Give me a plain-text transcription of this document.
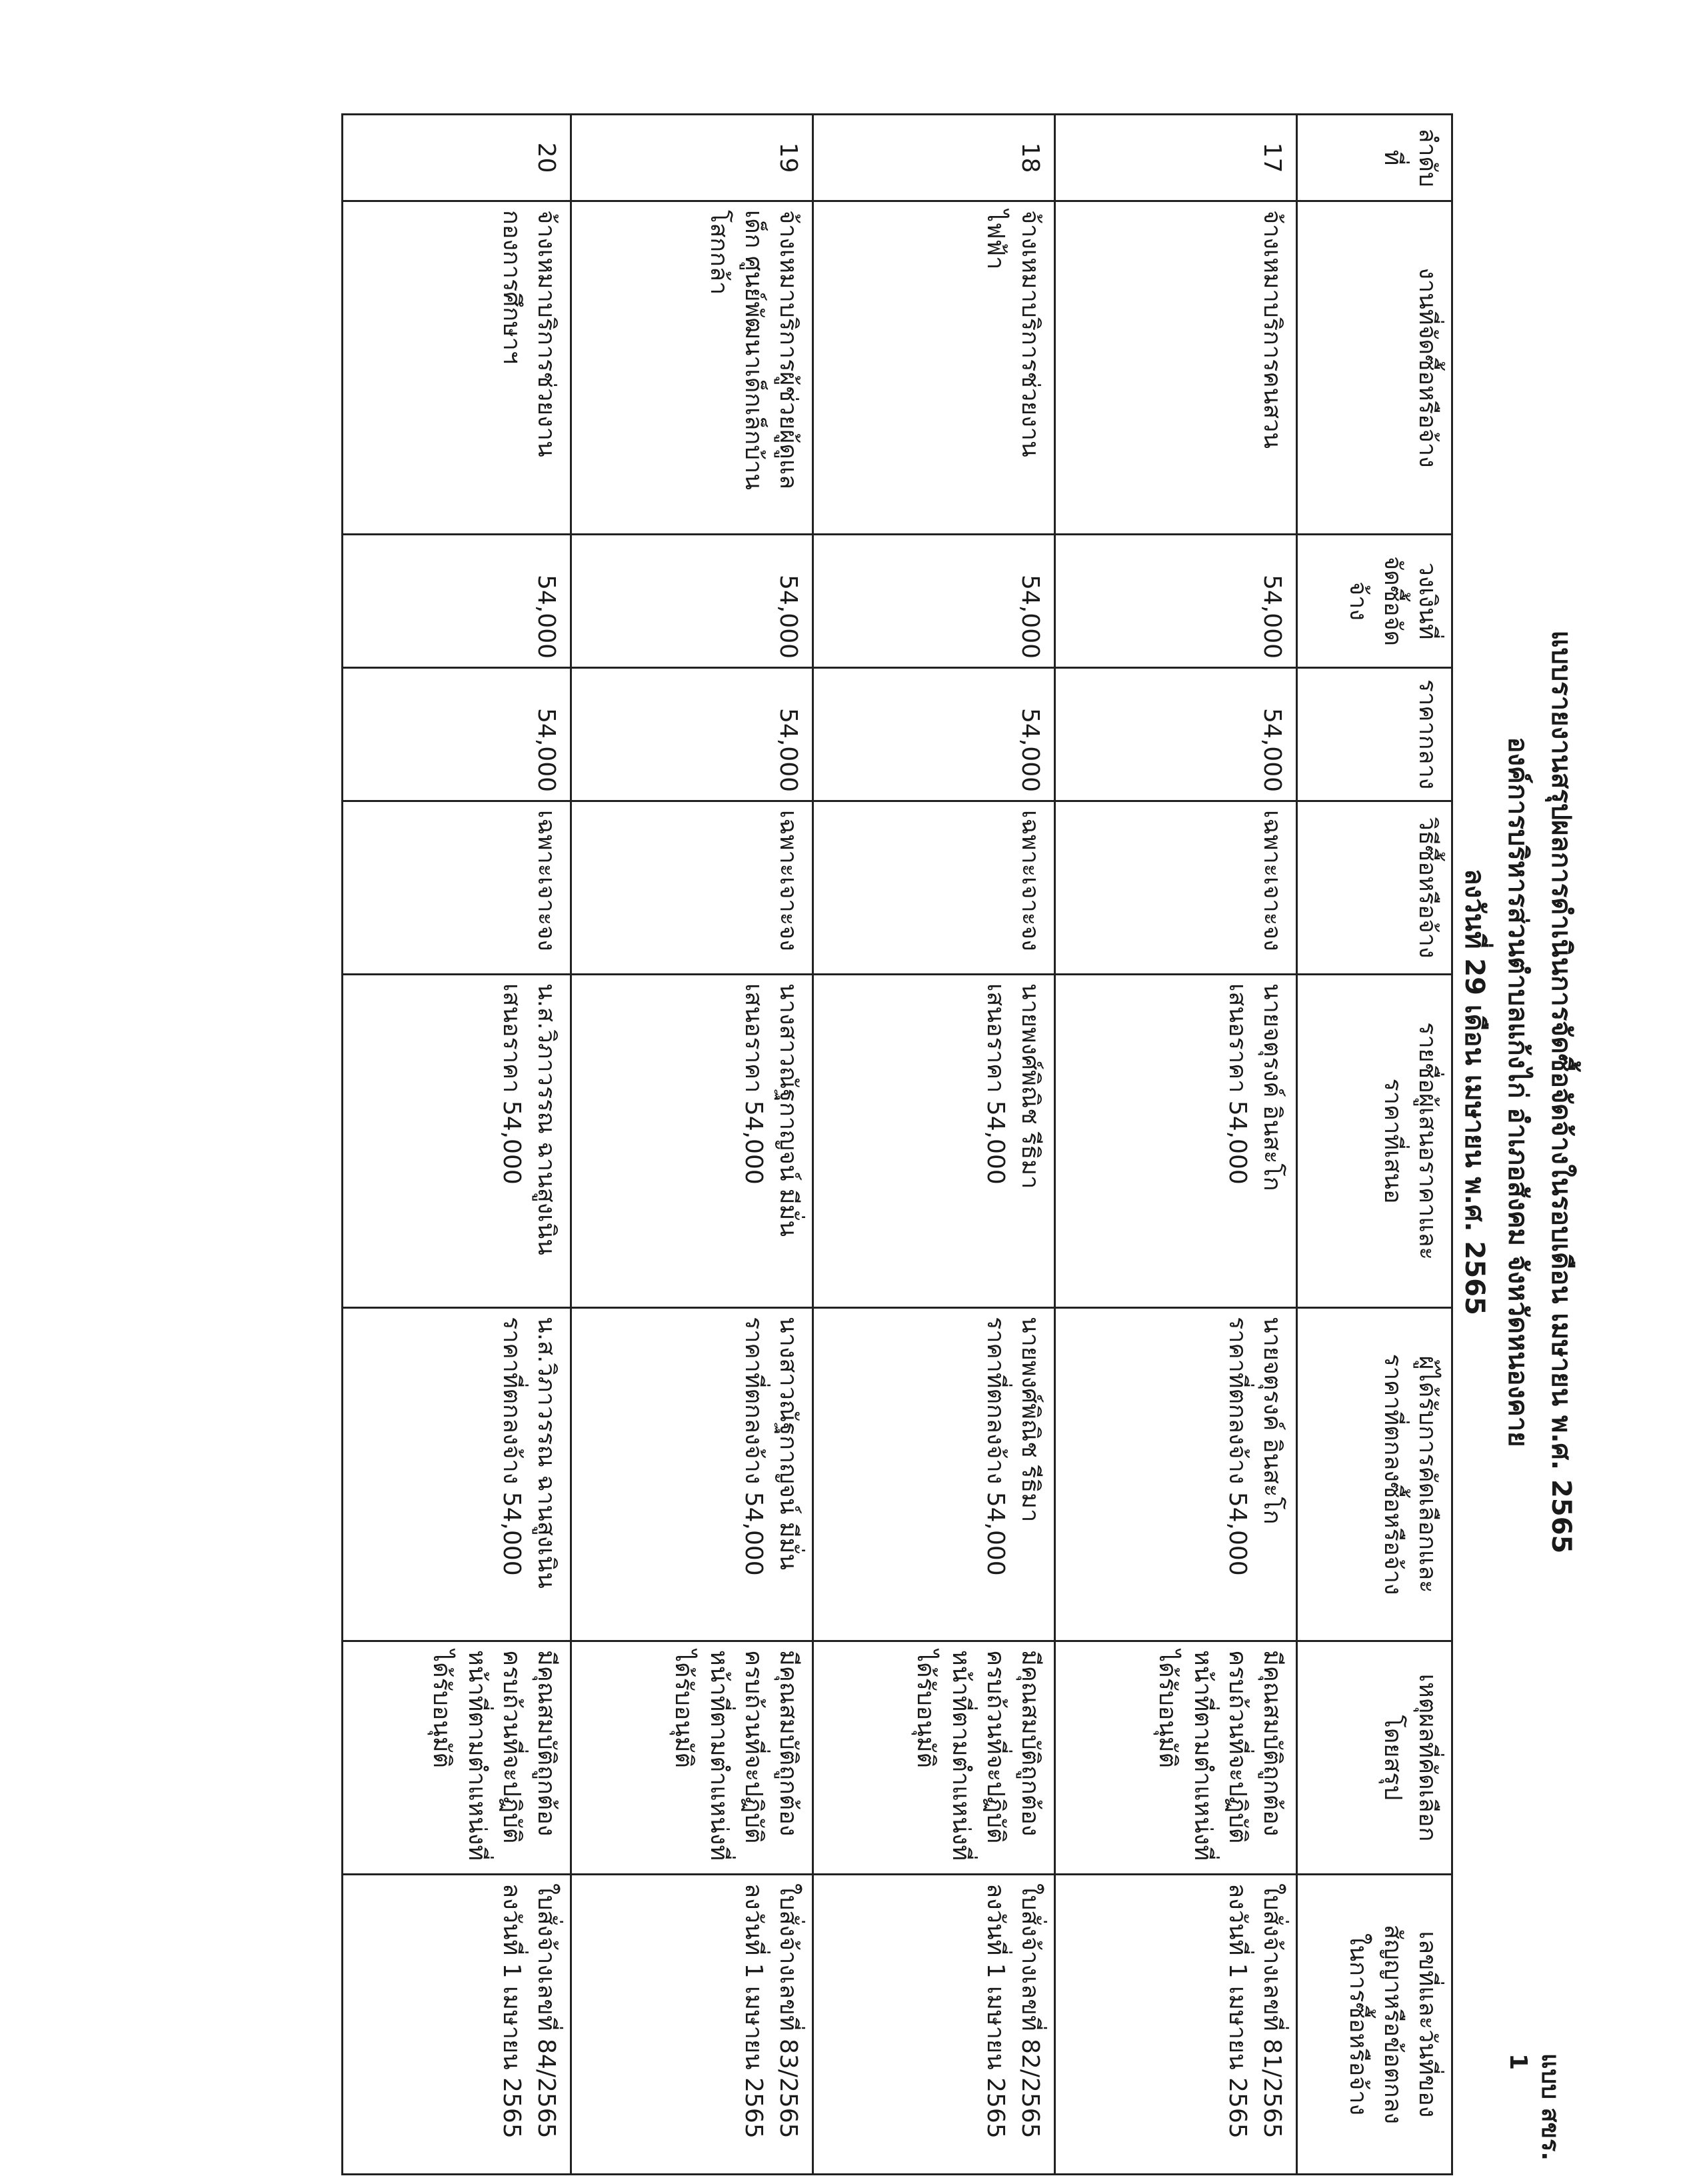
แบบ สขร. 1
แบบรายงานสรุปผลการดำเนินการจัดซื้อจัดจ้างในรอบเดือน เมษายน พ.ศ. 2565
องค์การบริหารส่วนตำบลแก้งไก่ อำเภอสังคม จังหวัดหนองคาย
ลงวันที่ 29 เดือน เมษายน พ.ศ. 2565
ลำดับ
ที่	งานที่จัดซื้อหรือจ้าง	วงเงินที่
จัดซื้อจัด
จ้าง	ราคากลาง	วิธีซื้อหรือจ้าง	รายชื่อผู้เสนอราคาและ
ราคาที่เสนอ	ผู้ได้รับการคัดเลือกและ
ราคาที่ตกลงซื้อหรือจ้าง	เหตุผลที่คัดเลือก
โดยสรุป	เลขที่และวันที่ของ
สัญญาหรือข้อตกลง
ในการซื้อหรือจ้าง

17	จ้างเหมาบริการคนสวน	54,000	54,000	เฉพาะเจาะจง	นายจตุรงค์ อินสะโก
เสนอราคา 54,000	นายจตุรงค์ อินสะโก
ราคาที่ตกลงจ้าง 54,000	มีคุณสมบัติถูกต้อง
ครบถ้วนที่จะปฏิบัติ
หน้าที่ตามตำแหน่งที่
ได้รับอนุมัติ	ใบสั่งจ้างเลขที่ 81/2565
ลงวันที่ 1 เมษายน 2565

18	จ้างเหมาบริการช่วยงาน
ไฟฟ้า	54,000	54,000	เฉพาะเจาะจง	นายพงศ์พิณิช รีธิมา
เสนอราคา 54,000	นายพงศ์พิณิช รีธิมา
ราคาที่ตกลงจ้าง 54,000	มีคุณสมบัติถูกต้อง
ครบถ้วนที่จะปฏิบัติ
หน้าที่ตามตำแหน่งที่
ได้รับอนุมัติ	ใบสั่งจ้างเลขที่ 82/2565
ลงวันที่ 1 เมษายน 2565

19	จ้างเหมาบริการผู้ช่วยผู้ดูแล
เด็ก ศูนย์พัฒนาเด็กเล็กบ้าน
โสกกล้า	54,000	54,000	เฉพาะเจาะจง	นางสาวณัฐกาญจน์ มีมั่น
เสนอราคา 54,000	นางสาวณัฐกาญจน์ มีมั่น
ราคาที่ตกลงจ้าง 54,000	มีคุณสมบัติถูกต้อง
ครบถ้วนที่จะปฏิบัติ
หน้าที่ตามตำแหน่งที่
ได้รับอนุมัติ	ใบสั่งจ้างเลขที่ 83/2565
ลงวันที่ 1 เมษายน 2565

20	จ้างเหมาบริการช่วยงาน
กองการศึกษาฯ	54,000	54,000	เฉพาะเจาะจง	น.ส.วิภาวรรณ ฉานสูงเนิน
เสนอราคา 54,000	น.ส.วิภาวรรณ ฉานสูงเนิน
ราคาที่ตกลงจ้าง 54,000	มีคุณสมบัติถูกต้อง
ครบถ้วนที่จะปฏิบัติ
หน้าที่ตามตำแหน่งที่
ได้รับอนุมัติ	ใบสั่งจ้างเลขที่ 84/2565
ลงวันที่ 1 เมษายน 2565
